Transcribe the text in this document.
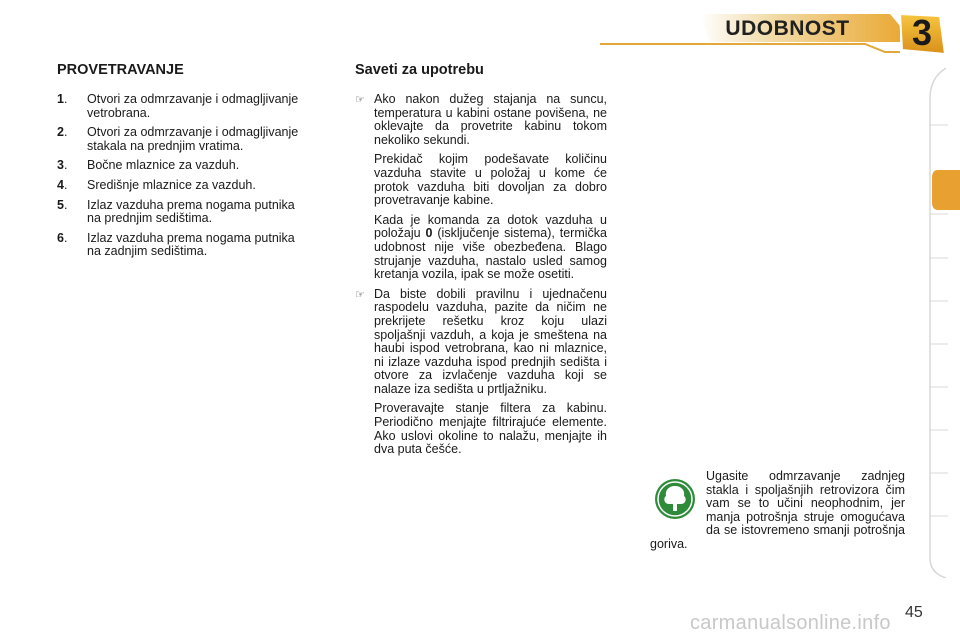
UDOBNOST	3
PROVETRAVANJE
1 .	Otvori za odmrzavanje i odmagljivanje vetrobrana.
2 .	Otvori za odmrzavanje i odmagljivanje stakala na prednjim vratima.
3 .	Bočne mlaznice za vazduh.
4 .	Središnje mlaznice za vazduh.
5 .	Izlaz vazduha prema nogama putnika na prednjim sedištima.
6 .	Izlaz vazduha prema nogama putnika na zadnjim sedištima.
Saveti za upotrebu
☞ Ako nakon dužeg stajanja na suncu, temperatura u kabini ostane povišena, ne oklevajte da provetrite kabinu tokom nekoliko sekundi.

Prekidač kojim podešavate količinu vazduha stavite u položaj u kome će protok vazduha biti dovoljan za dobro provetravanje kabine.

Kada je komanda za dotok vazduha u položaju 0 (isključenje sistema), termička udobnost nije više obezbeđena. Blago strujanje vazduha, nastalo usled samog kretanja vozila, ipak se može osetiti.

☞ Da biste dobili pravilnu i ujednačenu raspodelu vazduha, pazite da ničim ne prekrijete rešetku kroz koju ulazi spoljašnji vazduh, a koja je smeštena na haubi ispod vetrobrana, kao ni mlaznice, ni izlaze vazduha ispod prednjih sedišta i otvore za izvlačenje vazduha koji se nalaze iza sedišta u prtljažniku.

Proveravajte stanje filtera za kabinu. Periodično menjajte filtrirajuće elemente. Ako uslovi okoline to nalažu, menjajte ih dva puta češće.

Ugasite odmrzavanje zadnjeg stakla i spoljašnjih retrovizora čim vam se to učini neophodnim, jer manja potrošnja struje omogućava da se istovremeno smanji potrošnja goriva.
45
carmanualsonline.info
